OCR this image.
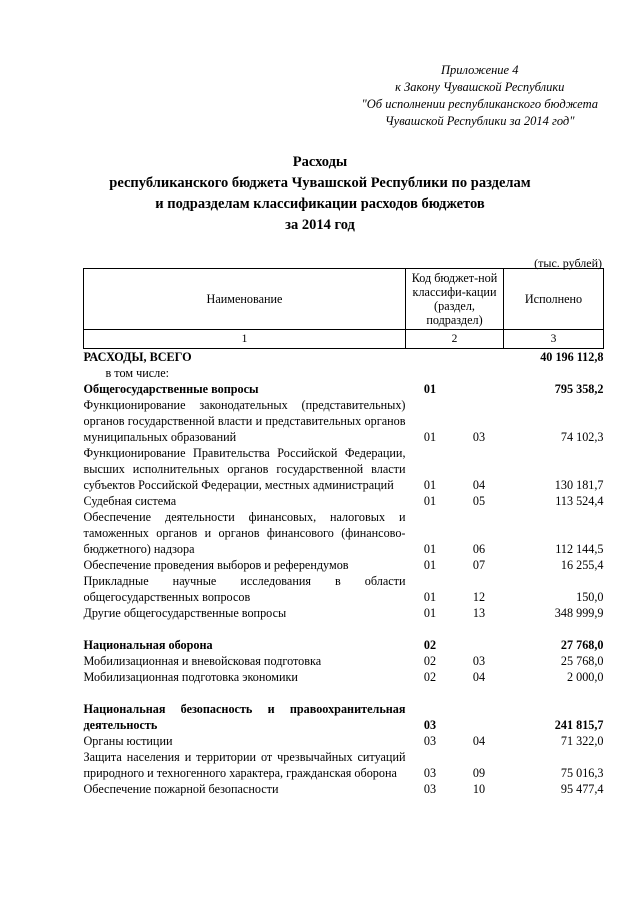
Приложение 4
к Закону Чувашской Республики
"Об исполнении республиканского бюджета
Чувашской Республики за 2014 год"
Расходы
республиканского бюджета Чувашской Республики по разделам
и подразделам классификации расходов бюджетов
за 2014 год
(тыс. рублей)
Наименование	Код бюджет-ной классифи-кации (раздел, подраздел)		Исполнено
1	2		3
РАСХОДЫ, ВСЕГО			40 196 112,8
в том числе:			
Общегосударственные вопросы	01		795 358,2
Функционирование законодательных (представительных) органов государственной власти и представительных органов муниципальных образований	01	03	74 102,3
Функционирование Правительства Российской Федерации, высших исполнительных органов государственной власти субъектов Российской Федерации, местных администраций	01	04	130 181,7
Судебная система	01	05	113 524,4
Обеспечение деятельности финансовых, налоговых и таможенных органов и органов финансового (финансово-бюджетного) надзора	01	06	112 144,5
Обеспечение проведения выборов и референдумов	01	07	16 255,4
Прикладные научные исследования в области общегосударственных вопросов	01	12	150,0
Другие общегосударственные вопросы	01	13	348 999,9

Национальная оборона	02		27 768,0
Мобилизационная и вневойсковая подготовка	02	03	25 768,0
Мобилизационная подготовка экономики	02	04	2 000,0

Национальная безопасность и правоохранительная деятельность	03		241 815,7
Органы юстиции	03	04	71 322,0
Защита населения и территории от чрезвычайных ситуаций природного и техногенного характера, гражданская оборона	03	09	75 016,3
Обеспечение пожарной безопасности	03	10	95 477,4
